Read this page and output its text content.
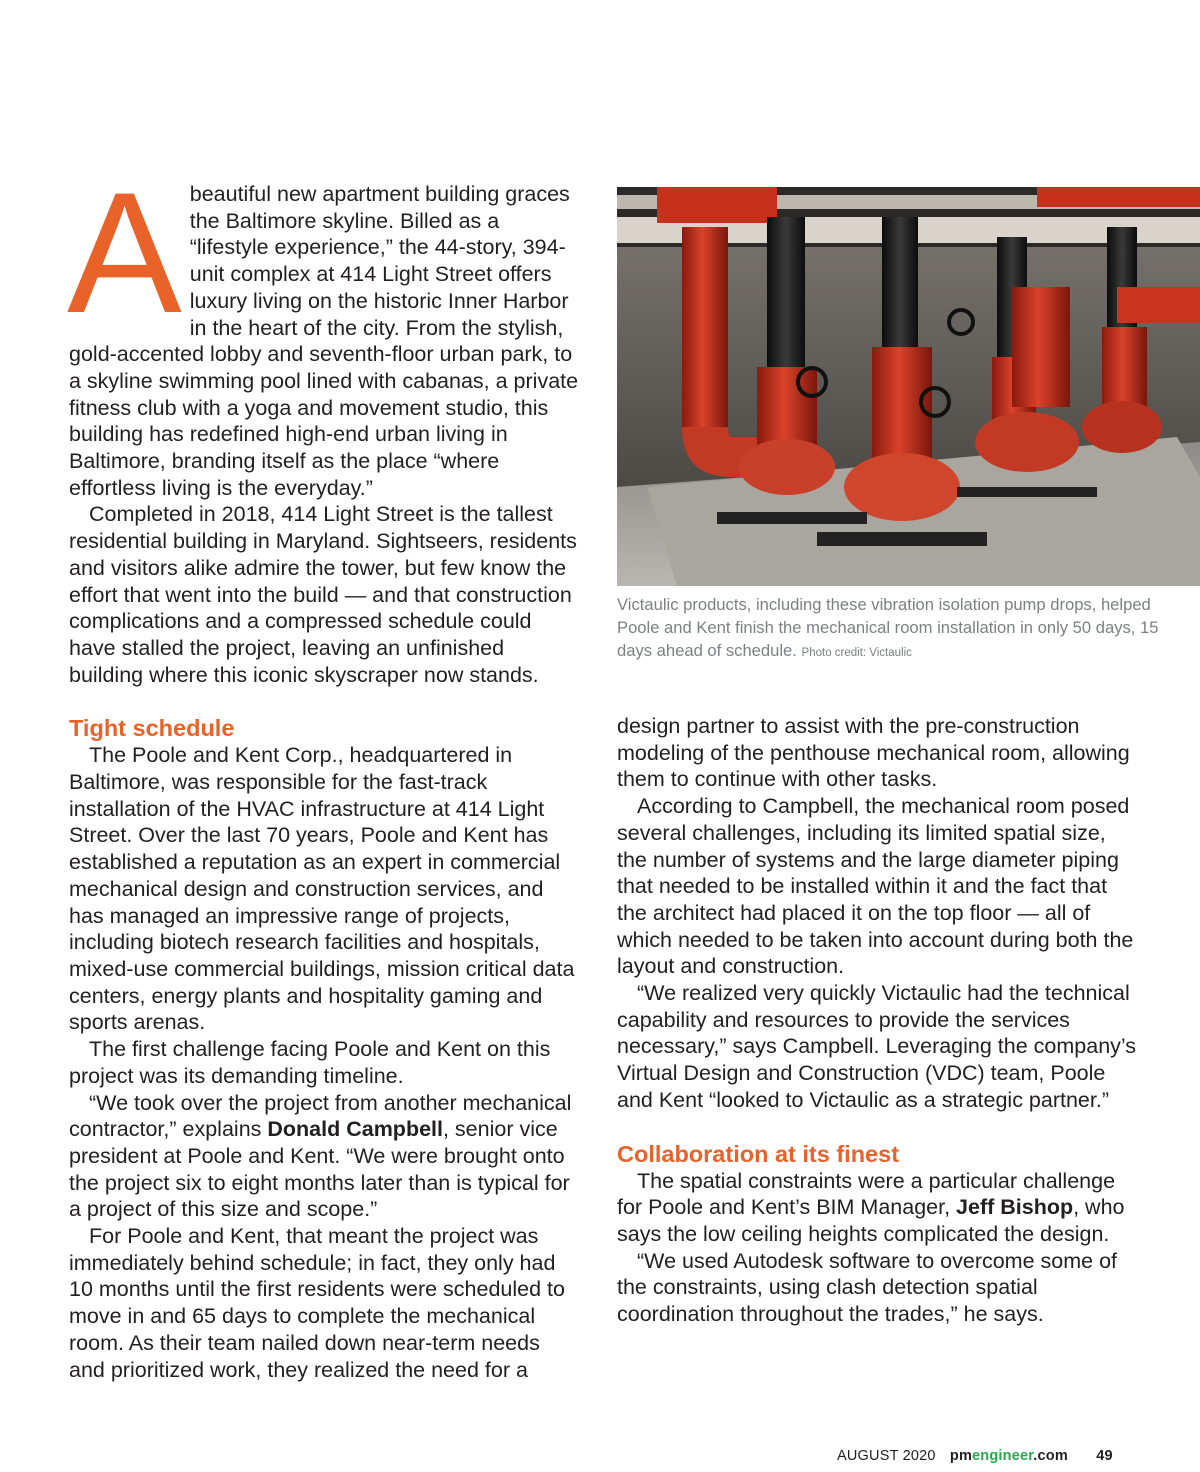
Abeautiful new apartment building graces the Baltimore skyline. Billed as a “lifestyle experience,” the 44-story, 394-unit complex at 414 Light Street offers luxury living on the historic Inner Harbor in the heart of the city. From the stylish, gold-accented lobby and seventh-floor urban park, to a skyline swimming pool lined with cabanas, a private fitness club with a yoga and movement studio, this building has redefined high-end urban living in Baltimore, branding itself as the place “where effortless living is the everyday.”

Completed in 2018, 414 Light Street is the tallest residential building in Maryland. Sightseers, residents and visitors alike admire the tower, but few know the effort that went into the build — and that construction complications and a compressed schedule could have stalled the project, leaving an unfinished building where this iconic skyscraper now stands.

Tight schedule

The Poole and Kent Corp., headquartered in Baltimore, was responsible for the fast-track installation of the HVAC infrastructure at 414 Light Street. Over the last 70 years, Poole and Kent has established a reputation as an expert in commercial mechanical design and construction services, and has managed an impressive range of projects, including biotech research facilities and hospitals, mixed-use commercial buildings, mission critical data centers, energy plants and hospitality gaming and sports arenas.

The first challenge facing Poole and Kent on this project was its demanding timeline.

“We took over the project from another mechanical contractor,” explains Donald Campbell, senior vice president at Poole and Kent. “We were brought onto the project six to eight months later than is typical for a project of this size and scope.”

For Poole and Kent, that meant the project was immediately behind schedule; in fact, they only had 10 months until the first residents were scheduled to move in and 65 days to complete the mechanical room. As their team nailed down near-term needs and prioritized work, they realized the need for a

Victaulic products, including these vibration isolation pump drops, helped Poole and Kent finish the mechanical room installation in only 50 days, 15 days ahead of schedule. Photo credit: Victaulic

design partner to assist with the pre-construction modeling of the penthouse mechanical room, allowing them to continue with other tasks.

According to Campbell, the mechanical room posed several challenges, including its limited spatial size, the number of systems and the large diameter piping that needed to be installed within it and the fact that the architect had placed it on the top floor — all of which needed to be taken into account during both the layout and construction.

“We realized very quickly Victaulic had the technical capability and resources to provide the services necessary,” says Campbell. Leveraging the company’s Virtual Design and Construction (VDC) team, Poole and Kent “looked to Victaulic as a strategic partner.”

Collaboration at its finest

The spatial constraints were a particular challenge for Poole and Kent’s BIM Manager, Jeff Bishop, who says the low ceiling heights complicated the design.

“We used Autodesk software to overcome some of the constraints, using clash detection spatial coordination throughout the trades,” he says.

AUGUST 2020 pmengineer.com 49
